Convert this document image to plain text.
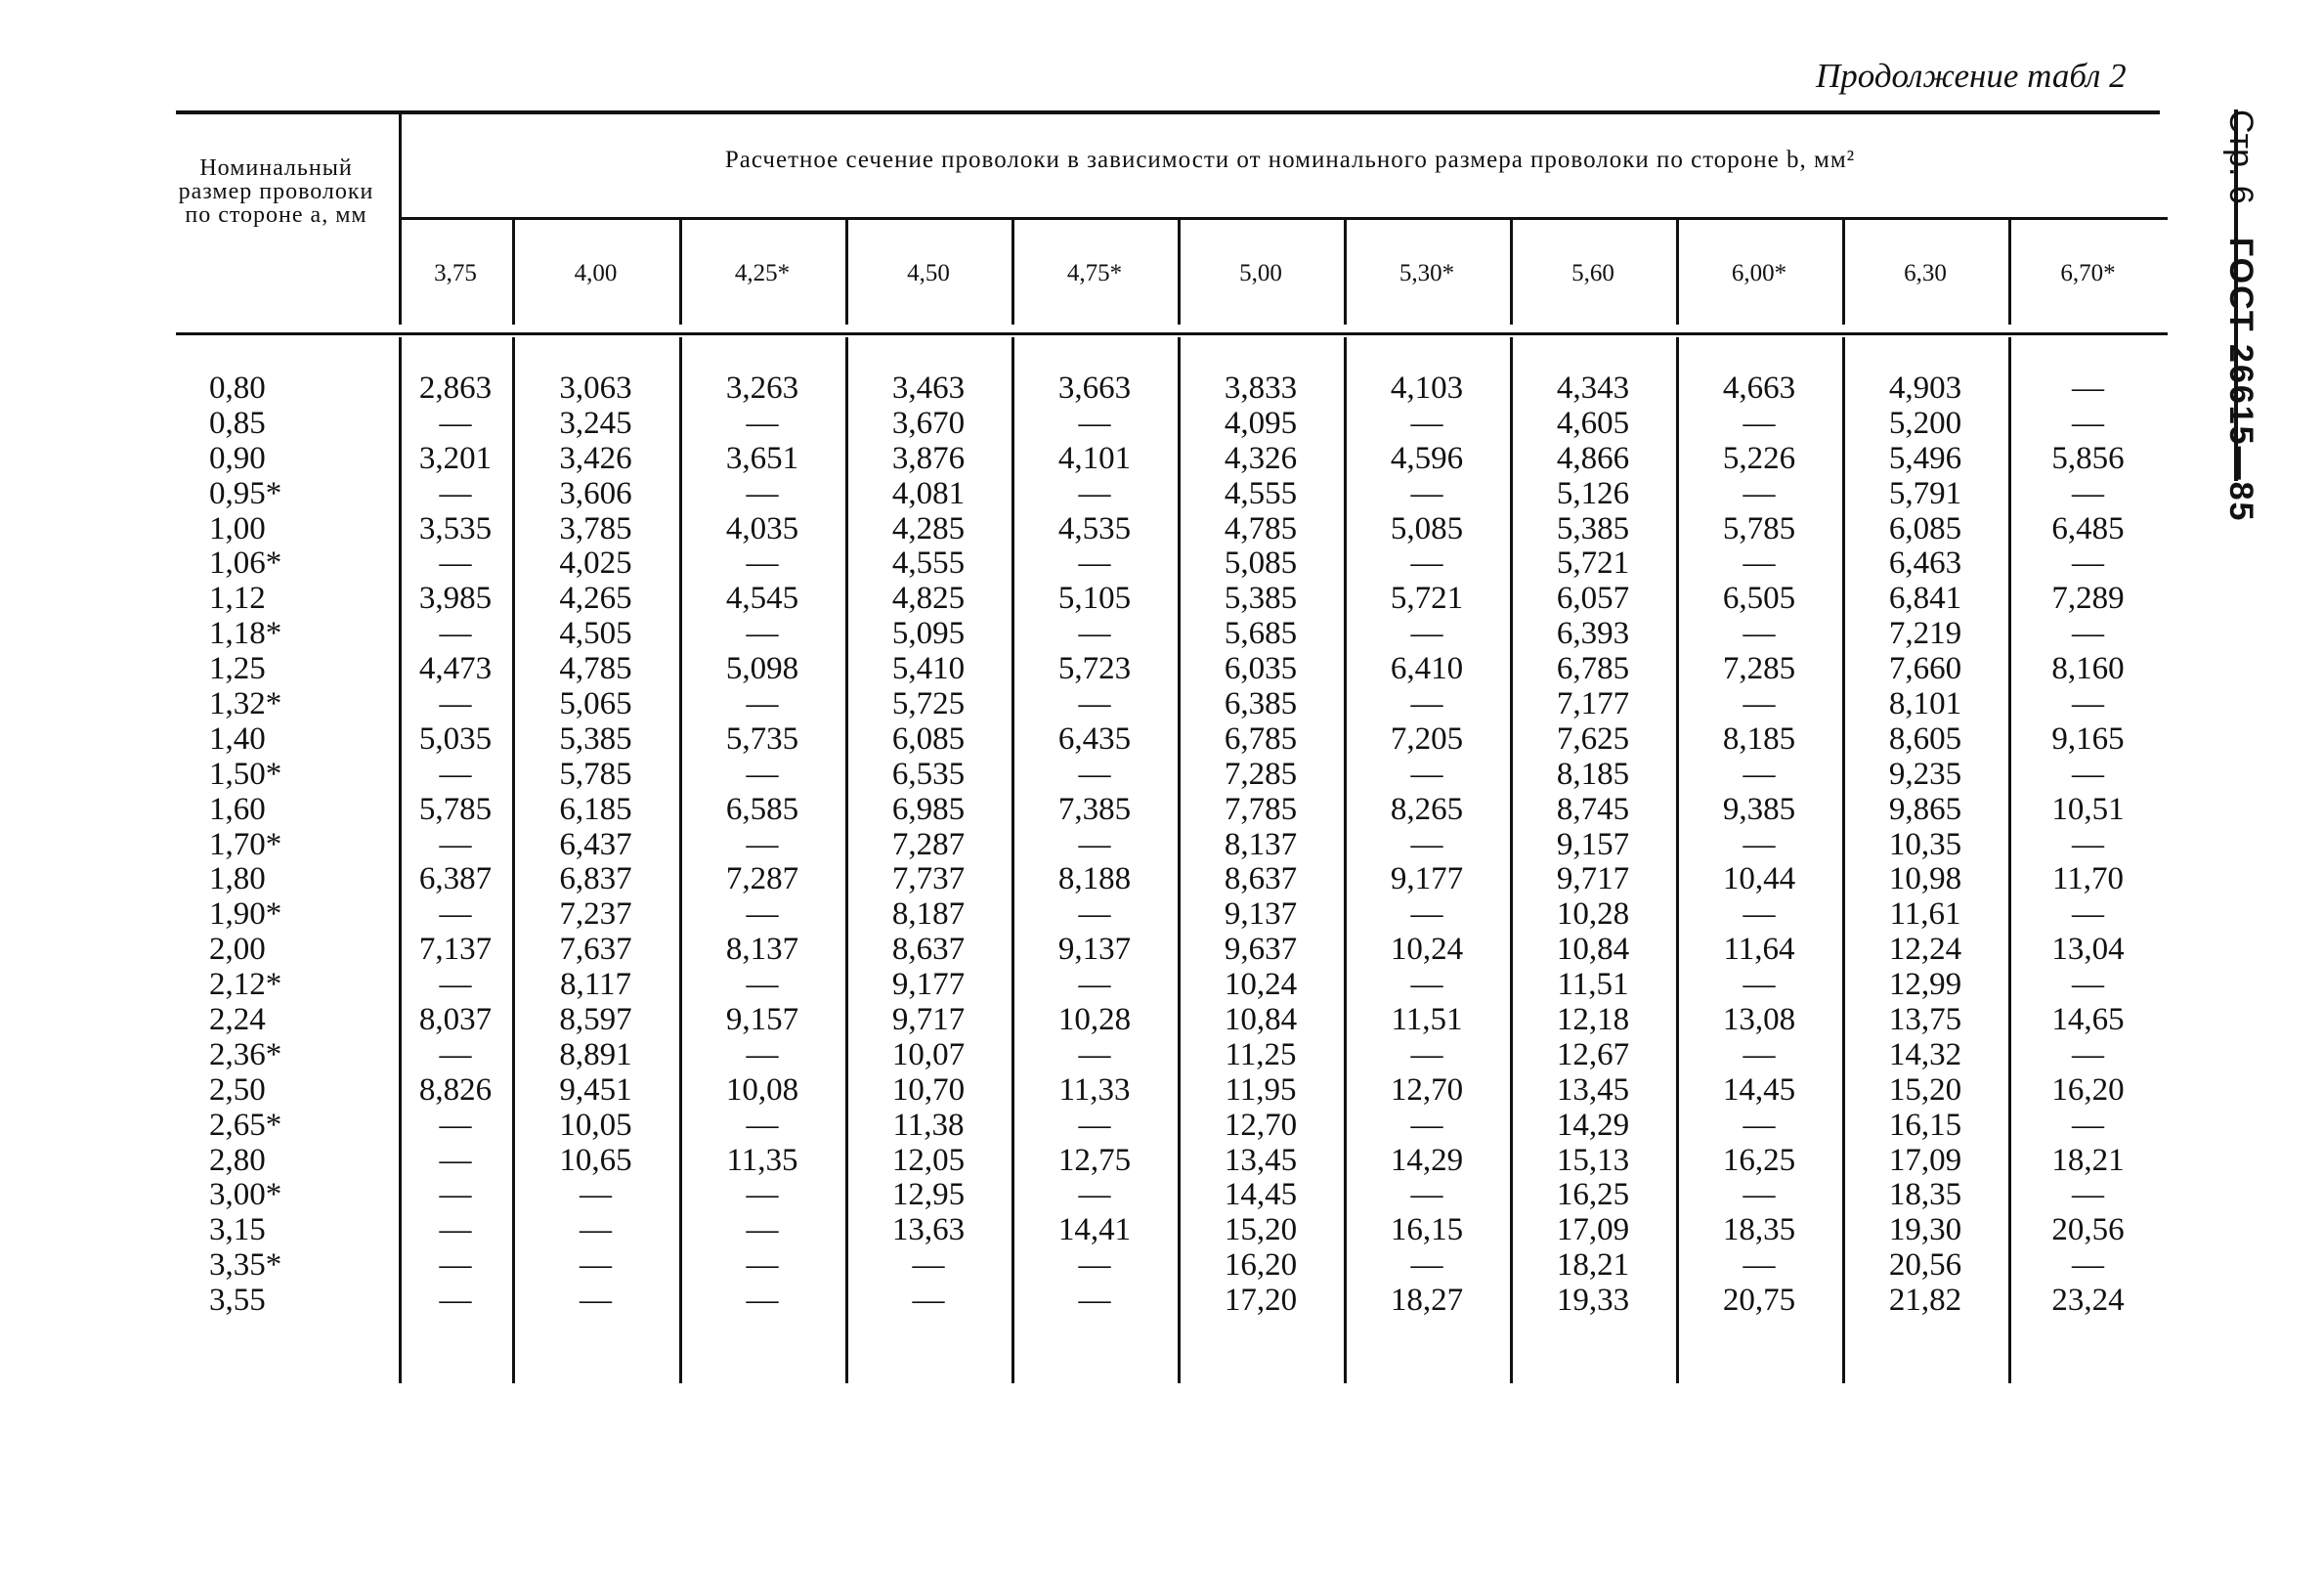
Продолжение табл 2
Стр. 6    ГОСТ 26615—85
Номинальный размер проволоки по стороне a, мм
Расчетное сечение проволоки в зависимости от номинального размера проволоки по стороне b, мм²
0,80
0,85
0,90
0,95*
1,00
1,06*
1,12
1,18*
1,25
1,32*
1,40
1,50*
1,60
1,70*
1,80
1,90*
2,00
2,12*
2,24
2,36*
2,50
2,65*
2,80
3,00*
3,15
3,35*
3,55
3,75
2,863
—
3,201
—
3,535
—
3,985
—
4,473
—
5,035
—
5,785
—
6,387
—
7,137
—
8,037
—
8,826
—
—
—
—
—
—
4,00
3,063
3,245
3,426
3,606
3,785
4,025
4,265
4,505
4,785
5,065
5,385
5,785
6,185
6,437
6,837
7,237
7,637
8,117
8,597
8,891
9,451
10,05
10,65
—
—
—
—
4,25*
3,263
—
3,651
—
4,035
—
4,545
—
5,098
—
5,735
—
6,585
—
7,287
—
8,137
—
9,157
—
10,08
—
11,35
—
—
—
—
4,50
3,463
3,670
3,876
4,081
4,285
4,555
4,825
5,095
5,410
5,725
6,085
6,535
6,985
7,287
7,737
8,187
8,637
9,177
9,717
10,07
10,70
11,38
12,05
12,95
13,63
—
—
4,75*
3,663
—
4,101
—
4,535
—
5,105
—
5,723
—
6,435
—
7,385
—
8,188
—
9,137
—
10,28
—
11,33
—
12,75
—
14,41
—
—
5,00
3,833
4,095
4,326
4,555
4,785
5,085
5,385
5,685
6,035
6,385
6,785
7,285
7,785
8,137
8,637
9,137
9,637
10,24
10,84
11,25
11,95
12,70
13,45
14,45
15,20
16,20
17,20
5,30*
4,103
—
4,596
—
5,085
—
5,721
—
6,410
—
7,205
—
8,265
—
9,177
—
10,24
—
11,51
—
12,70
—
14,29
—
16,15
—
18,27
5,60
4,343
4,605
4,866
5,126
5,385
5,721
6,057
6,393
6,785
7,177
7,625
8,185
8,745
9,157
9,717
10,28
10,84
11,51
12,18
12,67
13,45
14,29
15,13
16,25
17,09
18,21
19,33
6,00*
4,663
—
5,226
—
5,785
—
6,505
—
7,285
—
8,185
—
9,385
—
10,44
—
11,64
—
13,08
—
14,45
—
16,25
—
18,35
—
20,75
6,30
4,903
5,200
5,496
5,791
6,085
6,463
6,841
7,219
7,660
8,101
8,605
9,235
9,865
10,35
10,98
11,61
12,24
12,99
13,75
14,32
15,20
16,15
17,09
18,35
19,30
20,56
21,82
6,70*
—
—
5,856
—
6,485
—
7,289
—
8,160
—
9,165
—
10,51
—
11,70
—
13,04
—
14,65
—
16,20
—
18,21
—
20,56
—
23,24
